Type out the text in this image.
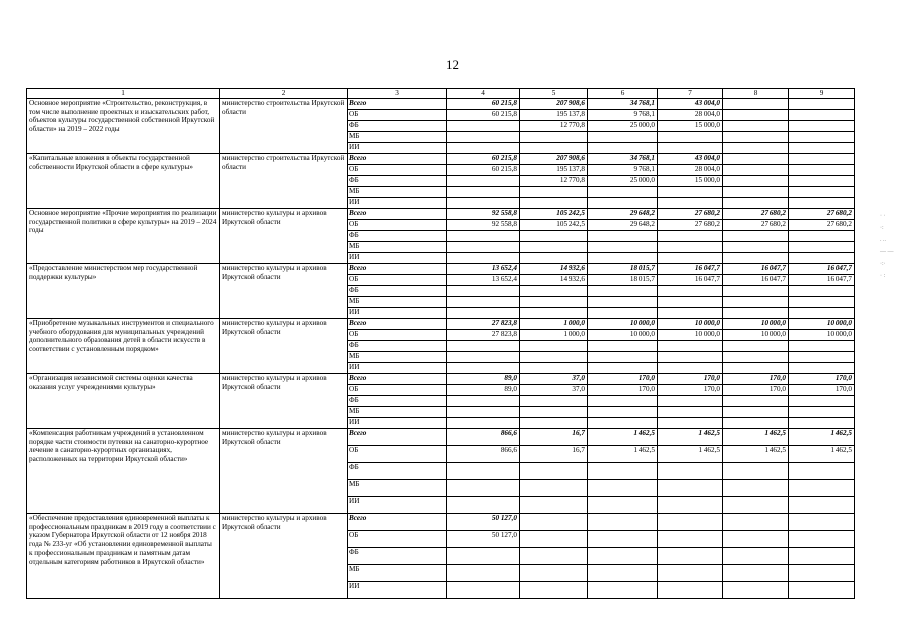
12
1	2	3	4	5	6	7	8	9
Основное мероприятие «Строительство, реконструкция, в том числе выполнение проектных и изыскательских работ, объектов культуры государственной собственной Иркутской области» на 2019 – 2022 годы	министерство строительства Иркутской области	Всего	60 215,8	207 908,6	34 768,1	43 004,0		
		ОБ	60 215,8	195 137,8	9 768,1	28 004,0		
		ФБ		12 770,8	25 000,0	15 000,0		
		МБ						
		ИИ						
«Капитальные вложения в объекты государственной собственности Иркутской области в сфере культуры»	министерство строительства Иркутской области	Всего	60 215,8	207 908,6	34 768,1	43 004,0		
		ОБ	60 215,8	195 137,8	9 768,1	28 004,0		
		ФБ		12 770,8	25 000,0	15 000,0		
		МБ						
		ИИ						
Основное мероприятие «Прочие мероприятия по реализации государственной политики в сфере культуры» на 2019 – 2024 годы	министерство культуры и архивов Иркутской области	Всего	92 558,8	105 242,5	29 648,2	27 680,2	27 680,2	27 680,2
		ОБ	92 558,8	105 242,5	29 648,2	27 680,2	27 680,2	27 680,2
		ФБ						
		МБ						
		ИИ						
«Предоставление министерством мер государственной поддержки культуры»	министерство культуры и архивов Иркутской области	Всего	13 652,4	14 932,6	18 015,7	16 047,7	16 047,7	16 047,7
		ОБ	13 652,4	14 932,6	18 015,7	16 047,7	16 047,7	16 047,7
		ФБ						
		МБ						
		ИИ						
«Приобретение музыкальных инструментов и специального учебного оборудования для муниципальных учреждений дополнительного образования детей в области искусств в соответствии с установленным порядком»	министерство культуры и архивов Иркутской области	Всего	27 823,8	1 000,0	10 000,0	10 000,0	10 000,0	10 000,0
		ОБ	27 823,8	1 000,0	10 000,0	10 000,0	10 000,0	10 000,0
		ФБ						
		МБ						
		ИИ						
«Организация независимой системы оценки качества оказания услуг учреждениями культуры»	министерство культуры и архивов Иркутской области	Всего	89,0	37,0	170,0	170,0	170,0	170,0
		ОБ	89,0	37,0	170,0	170,0	170,0	170,0
		ФБ						
		МБ						
		ИИ						
«Компенсация работникам учреждений в установленном порядке части стоимости путевки на санаторно-курортное лечение в санаторно-курортных организациях, расположенных на территории Иркутской области»	министерство культуры и архивов Иркутской области	Всего	866,6	16,7	1 462,5	1 462,5	1 462,5	1 462,5
		ОБ	866,6	16,7	1 462,5	1 462,5	1 462,5	1 462,5
		ФБ						
		МБ						
		ИИ						
«Обеспечение предоставления единовременной выплаты к профессиональным праздникам в 2019 году в соответствии с указом Губернатора Иркутской области от 12 ноября 2018 года № 233-уг «Об установлении единовременной выплаты к профессиональным праздникам и памятным датам отдельным категориям работников в Иркутской области»	министерство культуры и архивов Иркутской области	Всего	50 127,0					
		ОБ	50 127,0					
		ФБ						
		МБ						
		ИИ						
· ·
·:
. ..
— —
·:·
· :
